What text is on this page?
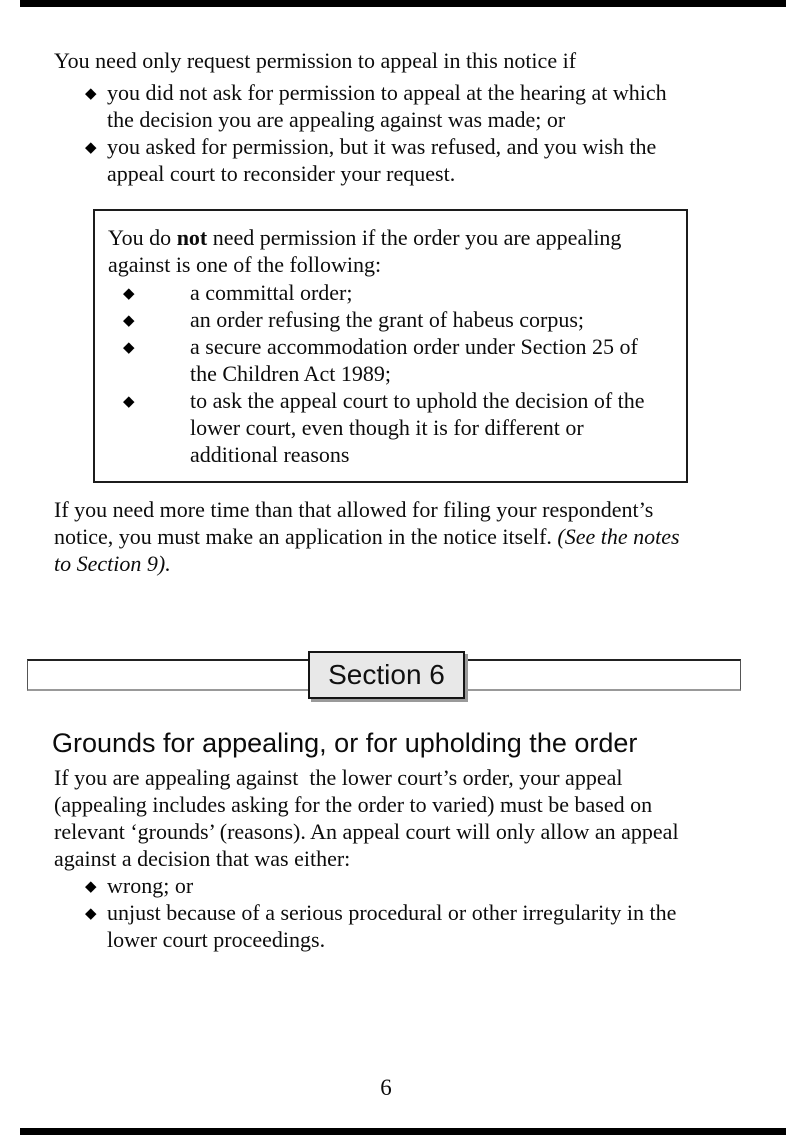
You need only request permission to appeal in this notice if
◆ you did not ask for permission to appeal at the hearing at which
the decision you are appealing against was made; or
◆ you asked for permission, but it was refused, and you wish the
appeal court to reconsider your request.
You do not need permission if the order you are appealing
against is one of the following:
◆	a committal order;
◆	an order refusing the grant of habeus corpus;
◆	a secure accommodation order under Section 25 of
the Children Act 1989;
◆	to ask the appeal court to uphold the decision of the
lower court, even though it is for different or
additional reasons
If you need more time than that allowed for filing your respondent’s
notice, you must make an application in the notice itself. (See the notes
to Section 9).
Section 6
Grounds for appealing, or for upholding the order
If you are appealing against  the lower court’s order, your appeal
(appealing includes asking for the order to varied) must be based on
relevant ‘grounds’ (reasons). An appeal court will only allow an appeal
against a decision that was either:
◆ wrong; or
◆ unjust because of a serious procedural or other irregularity in the
lower court proceedings.
6
